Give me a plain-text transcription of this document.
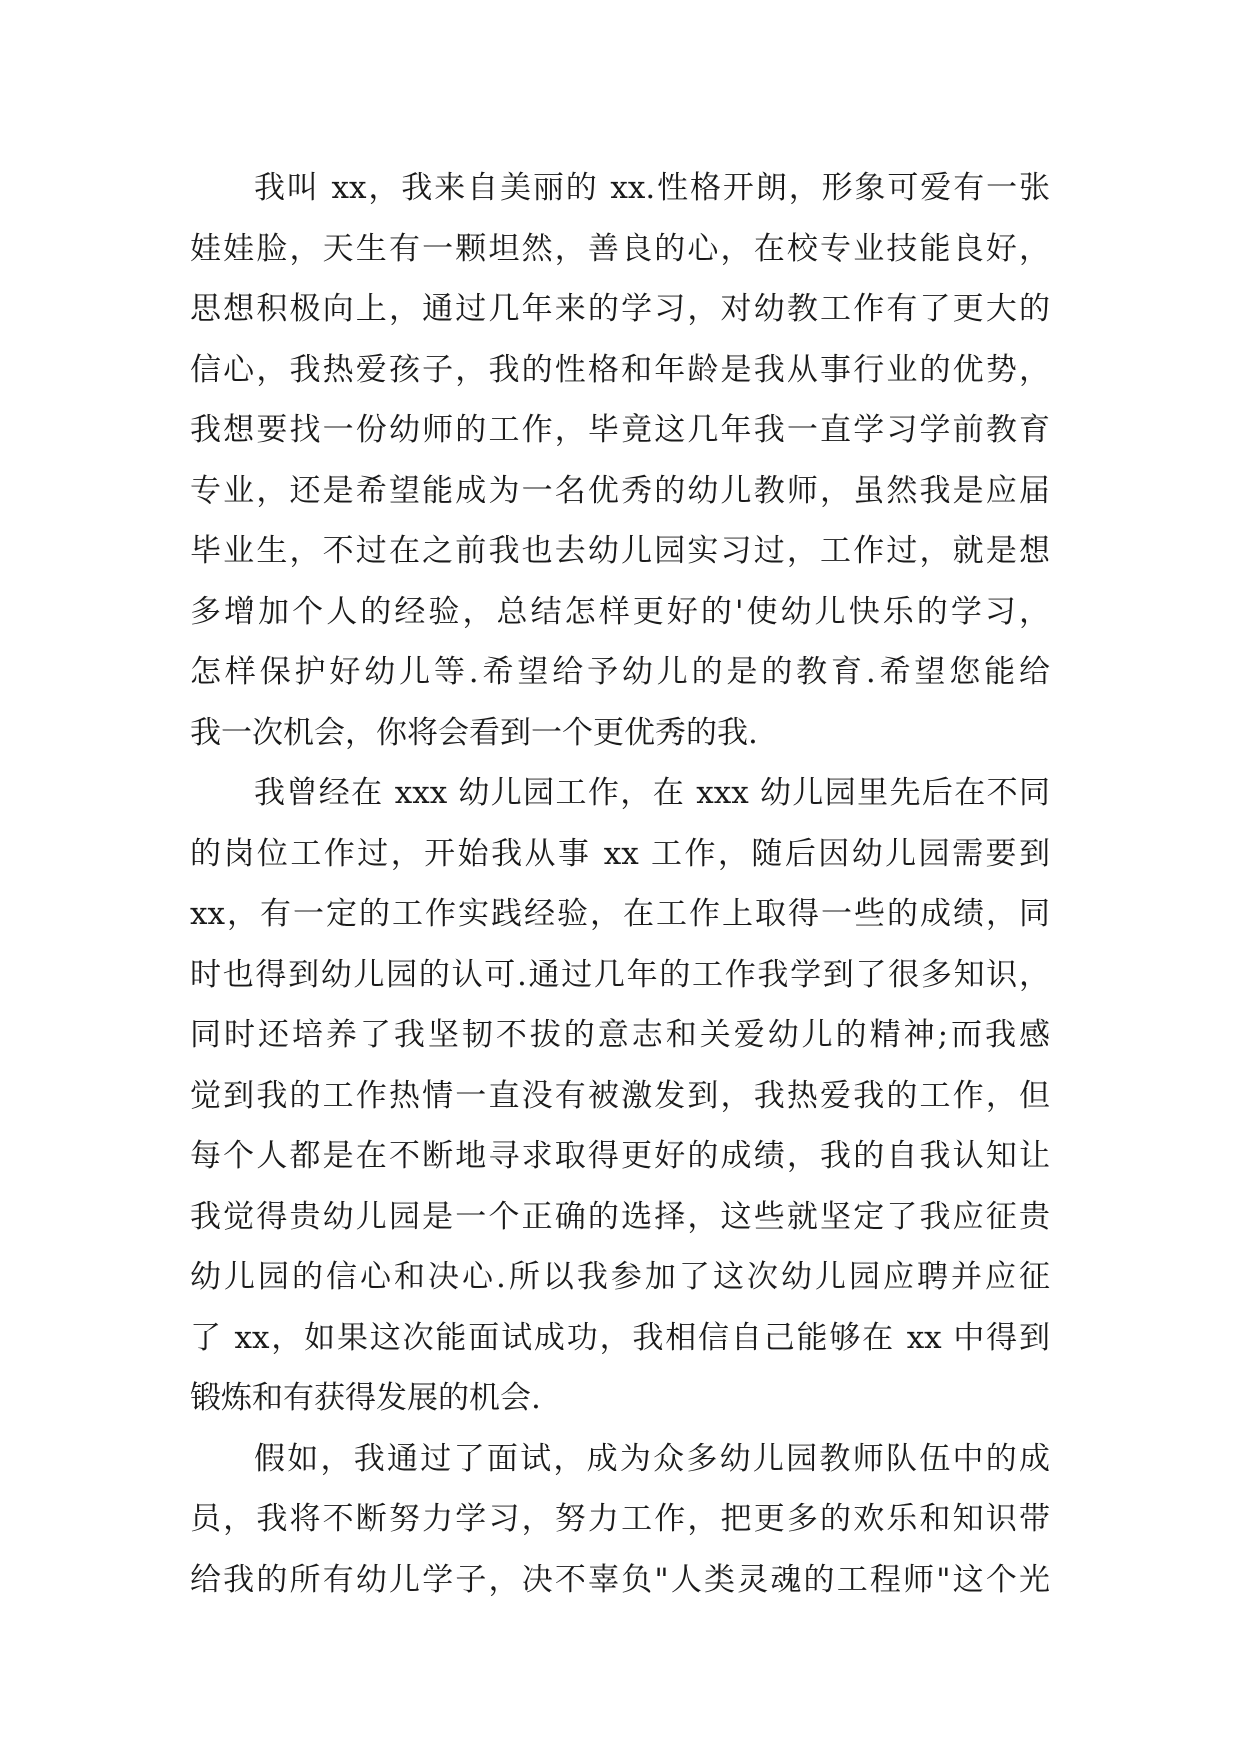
我叫 xx，我来自美丽的 xx.性格开朗，形象可爱有一张
娃娃脸，天生有一颗坦然，善良的心，在校专业技能良好，
思想积极向上，通过几年来的学习，对幼教工作有了更大的
信心，我热爱孩子，我的性格和年龄是我从事行业的优势，
我想要找一份幼师的工作，毕竟这几年我一直学习学前教育
专业，还是希望能成为一名优秀的幼儿教师，虽然我是应届
毕业生，不过在之前我也去幼儿园实习过，工作过，就是想
多增加个人的经验，总结怎样更好的'使幼儿快乐的学习，
怎样保护好幼儿等.希望给予幼儿的是的教育.希望您能给
我一次机会，你将会看到一个更优秀的我.
我曾经在 xxx 幼儿园工作，在 xxx 幼儿园里先后在不同
的岗位工作过，开始我从事 xx 工作，随后因幼儿园需要到
xx，有一定的工作实践经验，在工作上取得一些的成绩，同
时也得到幼儿园的认可.通过几年的工作我学到了很多知识，
同时还培养了我坚韧不拔的意志和关爱幼儿的精神;而我感
觉到我的工作热情一直没有被激发到，我热爱我的工作，但
每个人都是在不断地寻求取得更好的成绩，我的自我认知让
我觉得贵幼儿园是一个正确的选择，这些就坚定了我应征贵
幼儿园的信心和决心.所以我参加了这次幼儿园应聘并应征
了 xx，如果这次能面试成功，我相信自己能够在 xx 中得到
锻炼和有获得发展的机会.
假如，我通过了面试，成为众多幼儿园教师队伍中的成
员，我将不断努力学习，努力工作，把更多的欢乐和知识带
给我的所有幼儿学子，决不辜负"人类灵魂的工程师"这个光
